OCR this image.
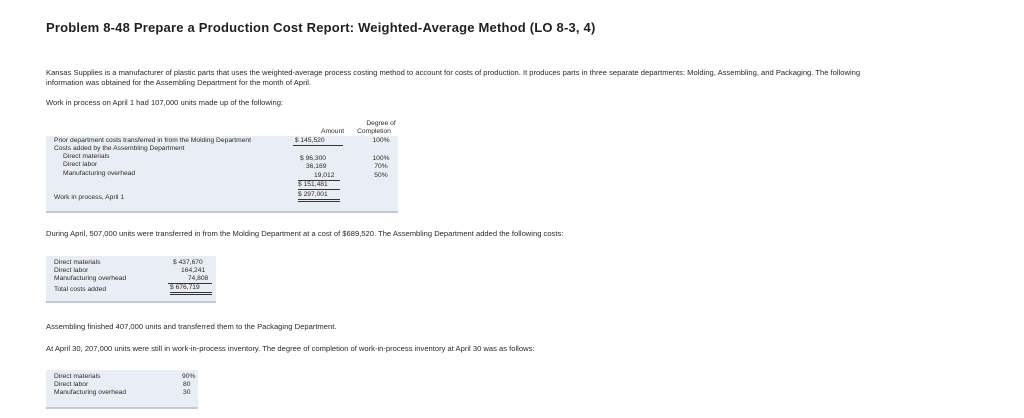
Problem 8-48 Prepare a Production Cost Report: Weighted-Average Method (LO 8-3, 4)
Kansas Supplies is a manufacturer of plastic parts that uses the weighted-average process costing method to account for costs of production. It produces parts in three separate departments: Molding, Assembling, and Packaging. The following
information was obtained for the Assembling Department for the month of April.
Work in process on April 1 had 107,000 units made up of the following:
Degree of
Amount	Completion
Prior department costs transferred in from the Molding Department	$ 145,520	100%
Costs added by the Assembling Department
Direct materials	$ 96,300	100%
Direct labor	36,169	70%
Manufacturing overhead	19,012	50%
$ 151,481
Work in process, April 1	$ 297,001
During April, 507,000 units were transferred in from the Molding Department at a cost of $689,520. The Assembling Department added the following costs:
Direct materials	$ 437,670
Direct labor	164,241
Manufacturing overhead	74,808
Total costs added	$ 676,719
Assembling finished 407,000 units and transferred them to the Packaging Department.
At April 30, 207,000 units were still in work-in-process inventory. The degree of completion of work-in-process inventory at April 30 was as follows:
Direct materials	90%
Direct labor	80
Manufacturing overhead	30
